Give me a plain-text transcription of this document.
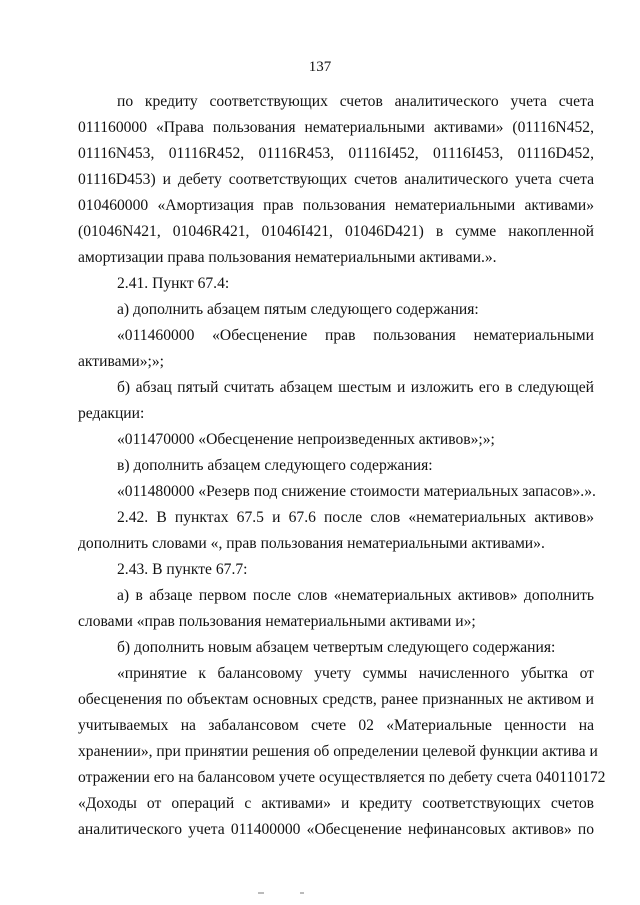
137
по кредиту соответствующих счетов аналитического учета счета
011160000 «Права пользования нематериальными активами» (01116N452,
01116N453, 01116R452, 01116R453, 01116I452, 01116I453, 01116D452,
01116D453) и дебету соответствующих счетов аналитического учета счета
010460000 «Амортизация прав пользования нематериальными активами»
(01046N421, 01046R421, 01046I421, 01046D421) в сумме накопленной
амортизации права пользования нематериальными активами.».
2.41. Пункт 67.4:
а) дополнить абзацем пятым следующего содержания:
«011460000 «Обесценение прав пользования нематериальными
активами»;»;
б) абзац пятый считать абзацем шестым и изложить его в следующей
редакции:
«011470000 «Обесценение непроизведенных активов»;»;
в) дополнить абзацем следующего содержания:
«011480000 «Резерв под снижение стоимости материальных запасов».».
2.42. В пунктах 67.5 и 67.6 после слов «нематериальных активов»
дополнить словами «, прав пользования нематериальными активами».
2.43. В пункте 67.7:
а) в абзаце первом после слов «нематериальных активов» дополнить
словами «прав пользования нематериальными активами и»;
б) дополнить новым абзацем четвертым следующего содержания:
«принятие к балансовому учету суммы начисленного убытка от
обесценения по объектам основных средств, ранее признанных не активом и
учитываемых на забалансовом счете 02 «Материальные ценности на
хранении», при принятии решения об определении целевой функции актива и
отражении его на балансовом учете осуществляется по дебету счета 040110172
«Доходы от операций с активами» и кредиту соответствующих счетов
аналитического учета 011400000 «Обесценение нефинансовых активов» по
